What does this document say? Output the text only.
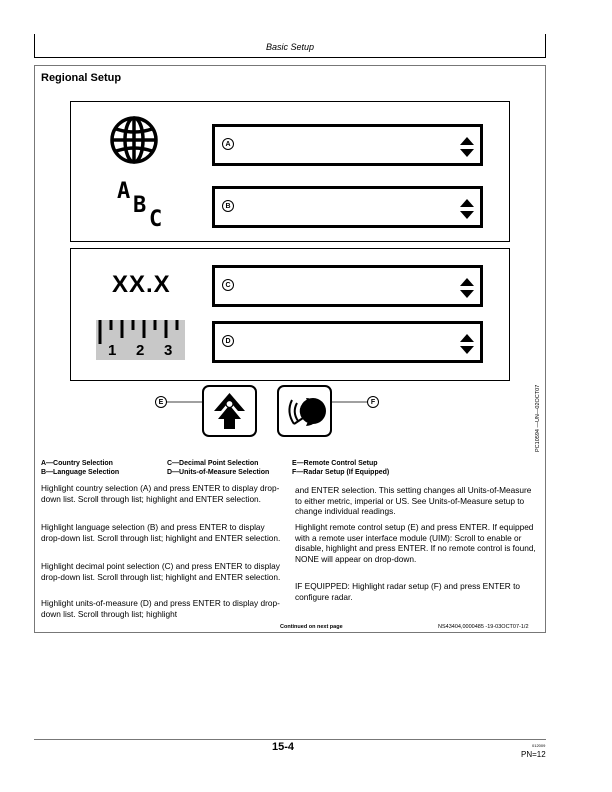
Basic Setup
Regional Setup
A
B
C
A
B
XX.X
1 2 3
C
D
E	F	PC10594 —UN—02OCT07
A—Country Selection
B—Language Selection
C—Decimal Point Selection
D—Units-of-Measure Selection
E—Remote Control Setup
F—Radar Setup (If Equipped)
Highlight country selection (A) and press ENTER to display drop-down list. Scroll through list; highlight and ENTER selection.
Highlight language selection (B) and press ENTER to display drop-down list. Scroll through list; highlight and ENTER selection.
Highlight decimal point selection (C) and press ENTER to display drop-down list. Scroll through list; highlight and ENTER selection.
Highlight units-of-measure (D) and press ENTER to display drop-down list. Scroll through list; highlight
and ENTER selection. This setting changes all Units-of-Measure to either metric, imperial or US. See Units-of-Measure setup to change individual readings.
Highlight remote control setup (E) and press ENTER. If equipped with a remote user interface module (UIM): Scroll to enable or disable, highlight and press ENTER. If no remote control is found, NONE will appear on drop-down.
IF EQUIPPED: Highlight radar setup (F) and press ENTER to configure radar.
Continued on next page	NS43404,0000485 -19-03OCT07-1/2
15-4	012009
PN=12
